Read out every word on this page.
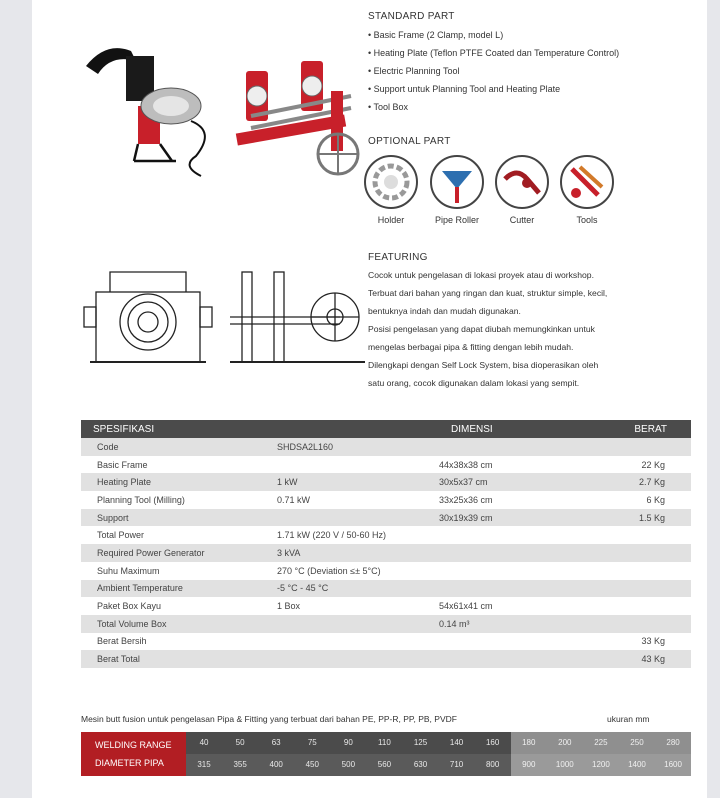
STANDARD PART
• Basic Frame (2 Clamp, model L)
• Heating Plate (Teflon PTFE Coated dan Temperature Control)
• Electric Planning Tool
• Support untuk Planning Tool and Heating Plate
• Tool Box
OPTIONAL PART
Holder	Pipe Roller	Cutter	Tools
FEATURING
Cocok untuk pengelasan di lokasi proyek atau di workshop.
Terbuat dari bahan yang ringan dan kuat, struktur simple, kecil,
bentuknya indah dan mudah digunakan.
Posisi pengelasan yang dapat diubah memungkinkan untuk
mengelas berbagai pipa & fitting dengan lebih mudah.
Dilengkapi dengan Self Lock System, bisa dioperasikan oleh
satu orang, cocok digunakan dalam lokasi yang sempit.
SPESIFIKASI		DIMENSI	BERAT
Code	SHDSA2L160		
Basic Frame		44x38x38 cm	22 Kg
Heating Plate	1 kW	30x5x37 cm	2.7 Kg
Planning Tool (Milling)	0.71 kW	33x25x36 cm	6 Kg
Support		30x19x39 cm	1.5 Kg
Total Power	1.71 kW (220 V / 50-60 Hz)		
Required Power Generator	3 kVA		
Suhu Maximum	270 °C (Deviation ≤± 5°C)		
Ambient Temperature	-5 °C - 45 °C		
Paket Box Kayu	1 Box	54x61x41 cm	
Total Volume Box		0.14 m³	
Berat Bersih			33 Kg
Berat Total			43 Kg
Mesin butt fusion untuk pengelasan Pipa & Fitting yang terbuat dari bahan PE, PP-R, PP, PB, PVDF	ukuran mm
WELDING RANGE
DIAMETER PIPA
40	50	63	75	90	110	125	140	160	180	200	225	250	280
315	355	400	450	500	560	630	710	800	900	1000	1200	1400	1600
